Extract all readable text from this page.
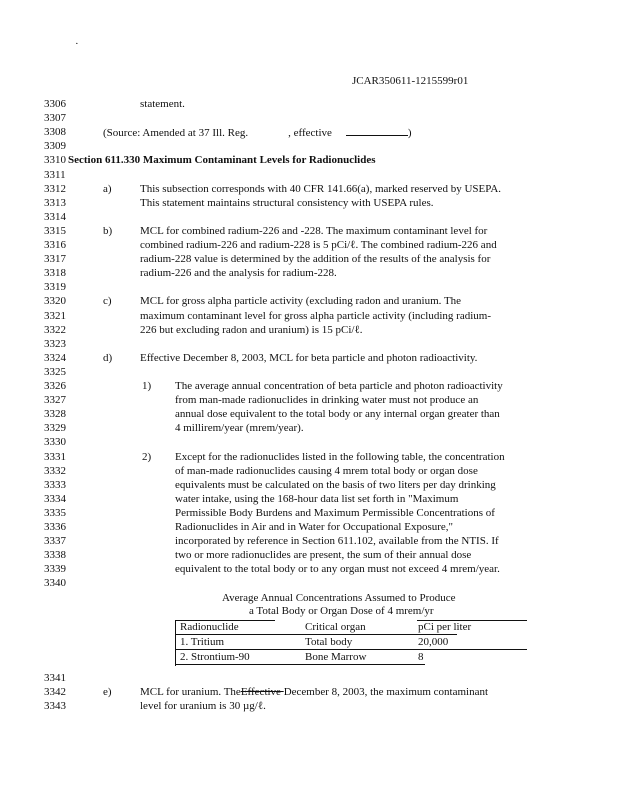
·
JCAR350611-1215599r01
3306	statement.
3307
3308	(Source: Amended at 37 Ill. Reg.	, effective	)
3309
3310 Section 611.330 Maximum Contaminant Levels for Radionuclides
3311
3312	a)	This subsection corresponds with 40 CFR 141.66(a), marked reserved by USEPA.
3313	This statement maintains structural consistency with USEPA rules.
3314
3315	b)	MCL for combined radium-226 and -228. The maximum contaminant level for
3316	combined radium-226 and radium-228 is 5 pCi/ℓ. The combined radium-226 and
3317	radium-228 value is determined by the addition of the results of the analysis for
3318	radium-226 and the analysis for radium-228.
3319
3320	c)	MCL for gross alpha particle activity (excluding radon and uranium. The
3321	maximum contaminant level for gross alpha particle activity (including radium-
3322	226 but excluding radon and uranium) is 15 pCi/ℓ.
3323
3324	d)	Effective December 8, 2003, MCL for beta particle and photon radioactivity.
3325
3326	1) The average annual concentration of beta particle and photon radioactivity
3327	from man-made radionuclides in drinking water must not produce an
3328	annual dose equivalent to the total body or any internal organ greater than
3329	4 millirem/year (mrem/year).
3330
3331	2) Except for the radionuclides listed in the following table, the concentration
3332	of man-made radionuclides causing 4 mrem total body or organ dose
3333	equivalents must be calculated on the basis of two liters per day drinking
3334	water intake, using the 168-hour data list set forth in "Maximum
3335	Permissible Body Burdens and Maximum Permissible Concentrations of
3336	Radionuclides in Air and in Water for Occupational Exposure,"
3337	incorporated by reference in Section 611.102, available from the NTIS. If
3338	two or more radionuclides are present, the sum of their annual dose
3339	equivalent to the total body or to any organ must not exceed 4 mrem/year.
3340
Average Annual Concentrations Assumed to Produce
a Total Body or Organ Dose of 4 mrem/yr
Radionuclide	Critical organ	pCi per liter
1. Tritium	Total body	20,000
2. Strontium-90	Bone Marrow	8
3341
3342	e)	MCL for uranium. TheEffective December 8, 2003, the maximum contaminant
3343	level for uranium is 30 µg/ℓ.
